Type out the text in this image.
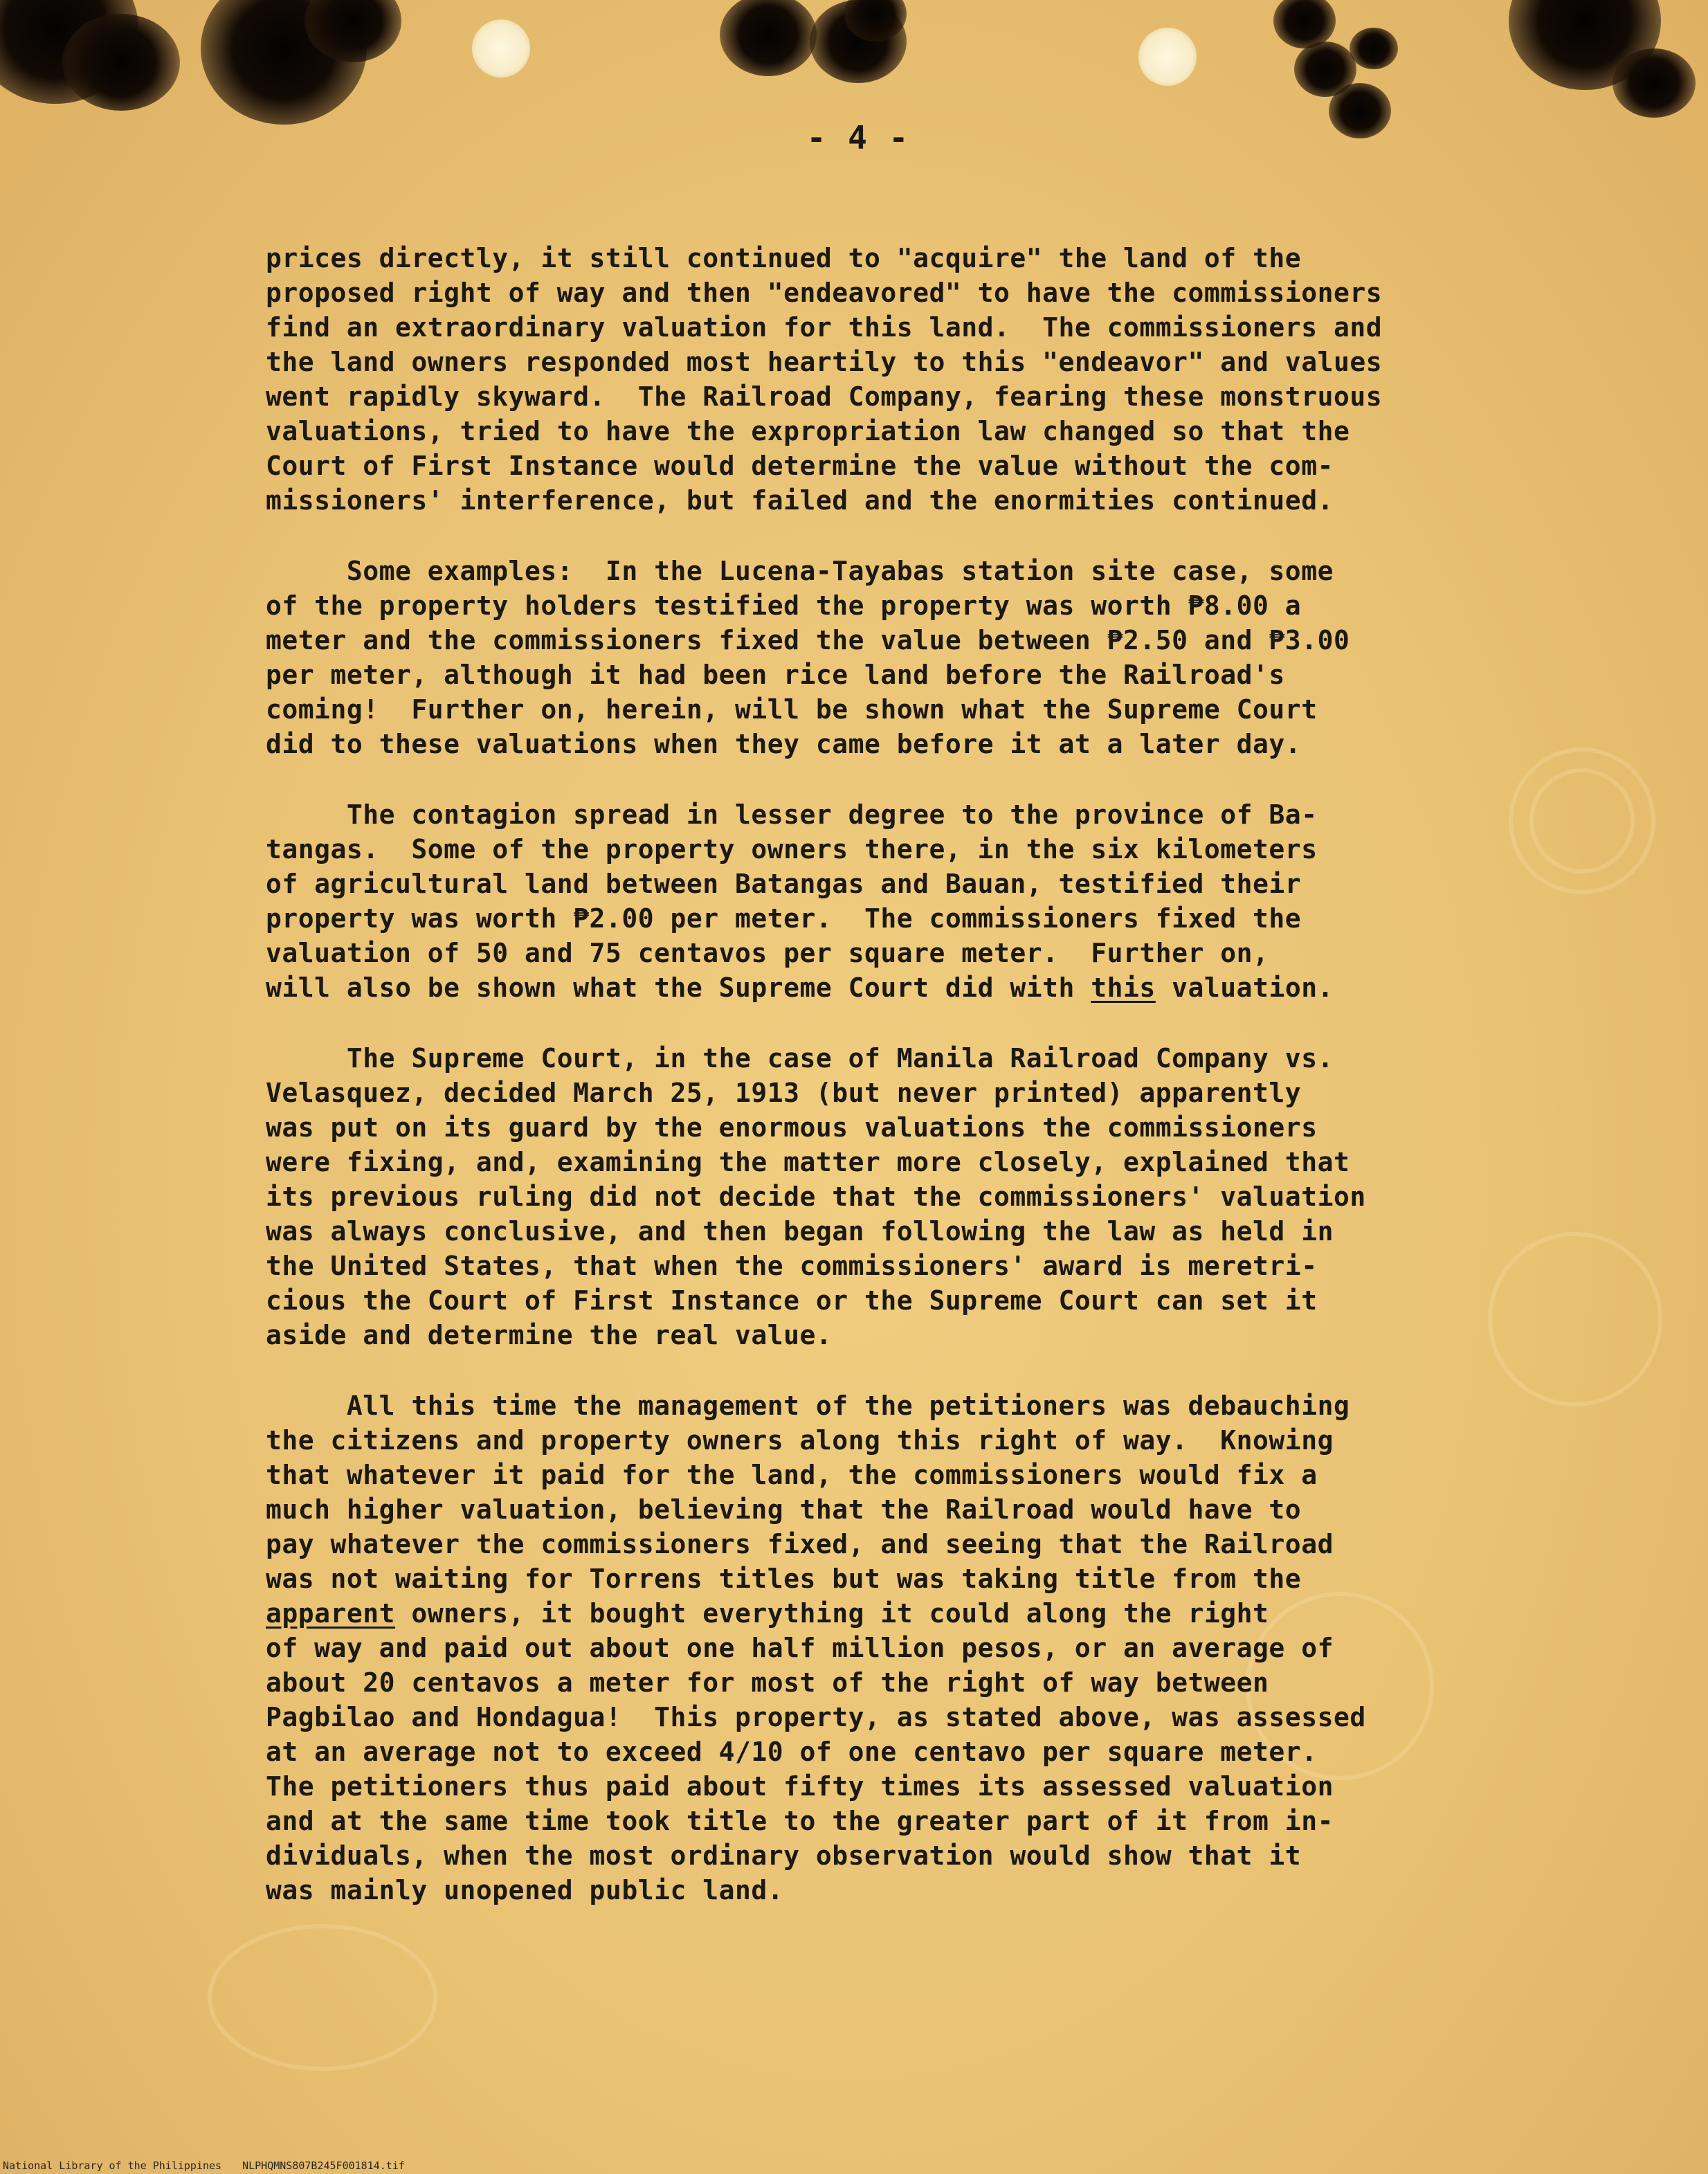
- 4 -
prices directly, it still continued to "acquire" the land of the
proposed right of way and then "endeavored" to have the commissioners
find an extraordinary valuation for this land.  The commissioners and
the land owners responded most heartily to this "endeavor" and values
went rapidly skyward.  The Railroad Company, fearing these monstruous
valuations, tried to have the expropriation law changed so that the
Court of First Instance would determine the value without the com-
missioners' interference, but failed and the enormities continued.
Some examples:  In the Lucena-Tayabas station site case, some
of the property holders testified the property was worth ₱8.00 a
meter and the commissioners fixed the value between ₱2.50 and ₱3.00
per meter, although it had been rice land before the Railroad's
coming!  Further on, herein, will be shown what the Supreme Court
did to these valuations when they came before it at a later day.
The contagion spread in lesser degree to the province of Ba-
tangas.  Some of the property owners there, in the six kilometers
of agricultural land between Batangas and Bauan, testified their
property was worth ₱2.00 per meter.  The commissioners fixed the
valuation of 50 and 75 centavos per square meter.  Further on,
will also be shown what the Supreme Court did with this valuation.
The Supreme Court, in the case of Manila Railroad Company vs.
Velasquez, decided March 25, 1913 (but never printed) apparently
was put on its guard by the enormous valuations the commissioners
were fixing, and, examining the matter more closely, explained that
its previous ruling did not decide that the commissioners' valuation
was always conclusive, and then began following the law as held in
the United States, that when the commissioners' award is meretri-
cious the Court of First Instance or the Supreme Court can set it
aside and determine the real value.
All this time the management of the petitioners was debauching
the citizens and property owners along this right of way.  Knowing
that whatever it paid for the land, the commissioners would fix a
much higher valuation, believing that the Railroad would have to
pay whatever the commissioners fixed, and seeing that the Railroad
was not waiting for Torrens titles but was taking title from the
apparent owners, it bought everything it could along the right
of way and paid out about one half million pesos, or an average of
about 20 centavos a meter for most of the right of way between
Pagbilao and Hondagua!  This property, as stated above, was assessed
at an average not to exceed 4/10 of one centavo per square meter.
The petitioners thus paid about fifty times its assessed valuation
and at the same time took title to the greater part of it from in-
dividuals, when the most ordinary observation would show that it
was mainly unopened public land.
National Library of the Philippines NLPHQMNS807B245F001814.tif
